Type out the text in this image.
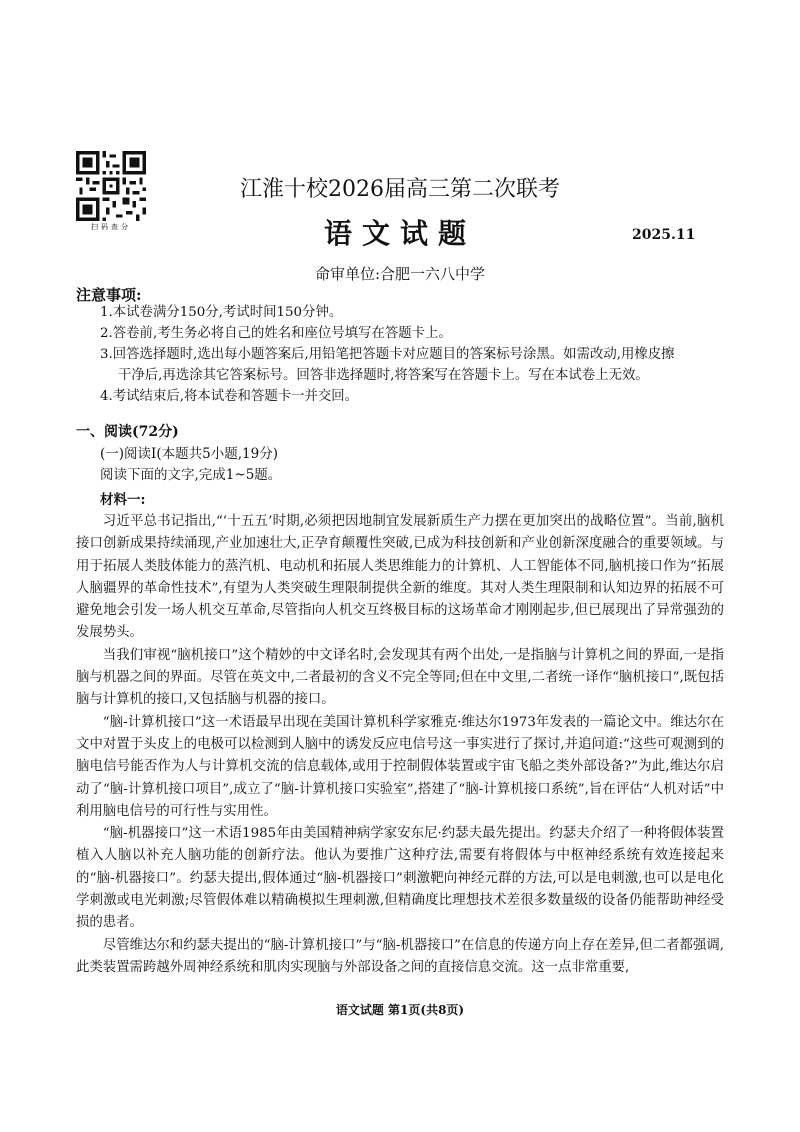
扫码查分
江淮十校2026届高三第二次联考
语文试题	2025.11
命审单位:合肥一六八中学
注意事项:

1.本试卷满分150分,考试时间150分钟。

2.答卷前,考生务必将自己的姓名和座位号填写在答题卡上。

3.回答选择题时,选出每小题答案后,用铅笔把答题卡对应题目的答案标号涂黑。如需改动,用橡皮擦

干净后,再选涂其它答案标号。回答非选择题时,将答案写在答题卡上。写在本试卷上无效。

4.考试结束后,将本试卷和答题卡一并交回。

一、阅读(72分)
(一)阅读Ⅰ(本题共5小题,19分)
阅读下面的文字,完成1~5题。
材料一:

习近平总书记指出,“‘十五五’时期,必须把因地制宜发展新质生产力摆在更加突出的战略位置”。当前,脑机接口创新成果持续涌现,产业加速壮大,正孕育颠覆性突破,已成为科技创新和产业创新深度融合的重要领域。与用于拓展人类肢体能力的蒸汽机、电动机和拓展人类思维能力的计算机、人工智能体不同,脑机接口作为“拓展人脑疆界的革命性技术”,有望为人类突破生理限制提供全新的维度。其对人类生理限制和认知边界的拓展不可避免地会引发一场人机交互革命,尽管指向人机交互终极目标的这场革命才刚刚起步,但已展现出了异常强劲的发展势头。

当我们审视“脑机接口”这个精妙的中文译名时,会发现其有两个出处,一是指脑与计算机之间的界面,一是指脑与机器之间的界面。尽管在英文中,二者最初的含义不完全等同;但在中文里,二者统一译作“脑机接口”,既包括脑与计算机的接口,又包括脑与机器的接口。

“脑-计算机接口”这一术语最早出现在美国计算机科学家雅克·维达尔1973年发表的一篇论文中。维达尔在文中对置于头皮上的电极可以检测到人脑中的诱发反应电信号这一事实进行了探讨,并追问道:“这些可观测到的脑电信号能否作为人与计算机交流的信息载体,或用于控制假体装置或宇宙飞船之类外部设备?”为此,维达尔启动了“脑-计算机接口项目”,成立了“脑-计算机接口实验室”,搭建了“脑-计算机接口系统”,旨在评估“人机对话”中利用脑电信号的可行性与实用性。

“脑-机器接口”这一术语1985年由美国精神病学家安东尼·约瑟夫最先提出。约瑟夫介绍了一种将假体装置植入人脑以补充人脑功能的创新疗法。他认为要推广这种疗法,需要有将假体与中枢神经系统有效连接起来的“脑-机器接口”。约瑟夫提出,假体通过“脑-机器接口”刺激靶向神经元群的方法,可以是电刺激,也可以是电化学刺激或电光刺激;尽管假体难以精确模拟生理刺激,但精确度比理想技术差很多数量级的设备仍能帮助神经受损的患者。

尽管维达尔和约瑟夫提出的“脑-计算机接口”与“脑-机器接口”在信息的传递方向上存在差异,但二者都强调,此类装置需跨越外周神经系统和肌肉实现脑与外部设备之间的直接信息交流。这一点非常重要,

语文试题 第1页(共8页)
